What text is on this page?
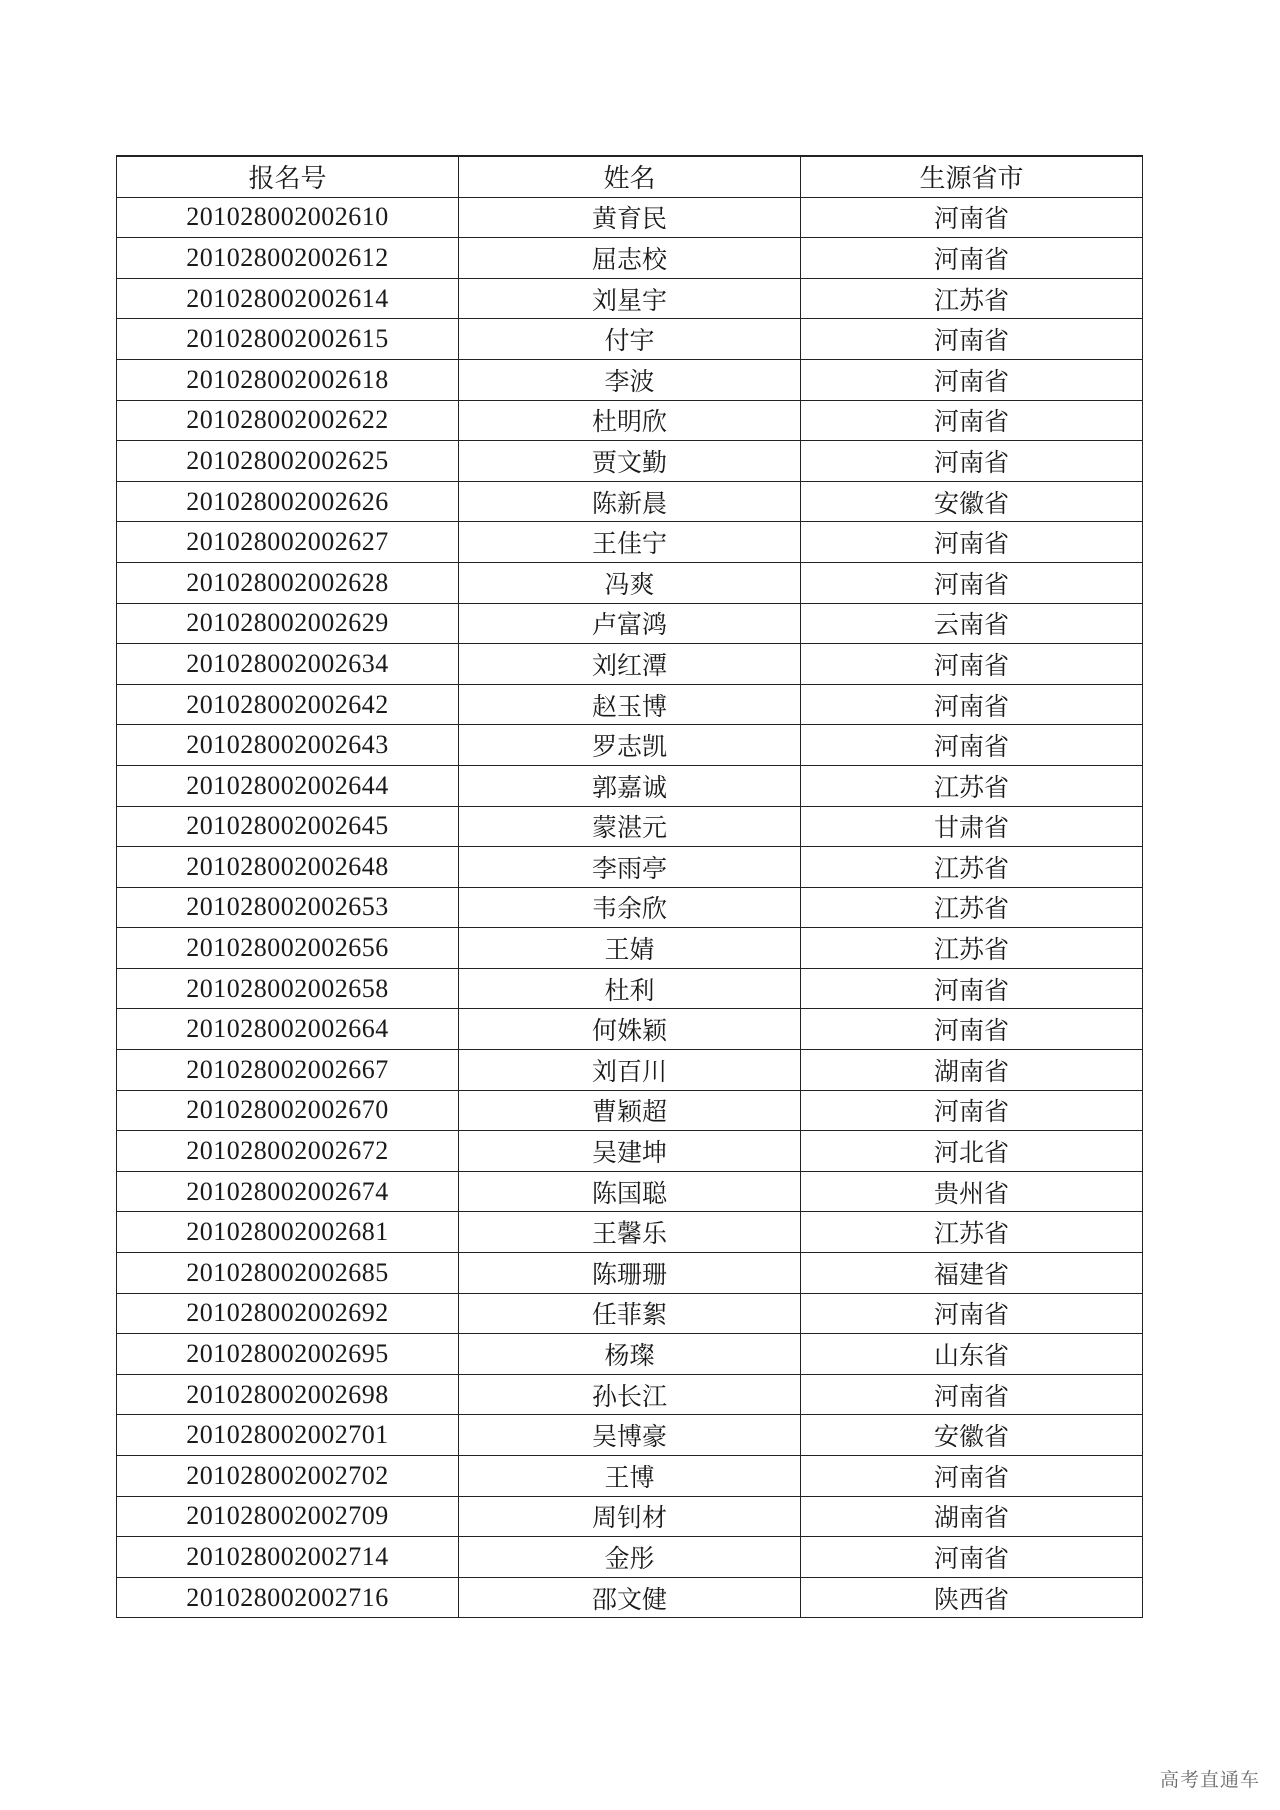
报名号	姓名	生源省市
201028002002610	黄育民	河南省
201028002002612	屈志校	河南省
201028002002614	刘星宇	江苏省
201028002002615	付宇	河南省
201028002002618	李波	河南省
201028002002622	杜明欣	河南省
201028002002625	贾文勤	河南省
201028002002626	陈新晨	安徽省
201028002002627	王佳宁	河南省
201028002002628	冯爽	河南省
201028002002629	卢富鸿	云南省
201028002002634	刘红潭	河南省
201028002002642	赵玉博	河南省
201028002002643	罗志凯	河南省
201028002002644	郭嘉诚	江苏省
201028002002645	蒙湛元	甘肃省
201028002002648	李雨亭	江苏省
201028002002653	韦余欣	江苏省
201028002002656	王婧	江苏省
201028002002658	杜利	河南省
201028002002664	何姝颖	河南省
201028002002667	刘百川	湖南省
201028002002670	曹颖超	河南省
201028002002672	吴建坤	河北省
201028002002674	陈国聪	贵州省
201028002002681	王馨乐	江苏省
201028002002685	陈珊珊	福建省
201028002002692	任菲絮	河南省
201028002002695	杨璨	山东省
201028002002698	孙长江	河南省
201028002002701	吴博豪	安徽省
201028002002702	王博	河南省
201028002002709	周钊材	湖南省
201028002002714	金彤	河南省
201028002002716	邵文健	陕西省
高考直通车
